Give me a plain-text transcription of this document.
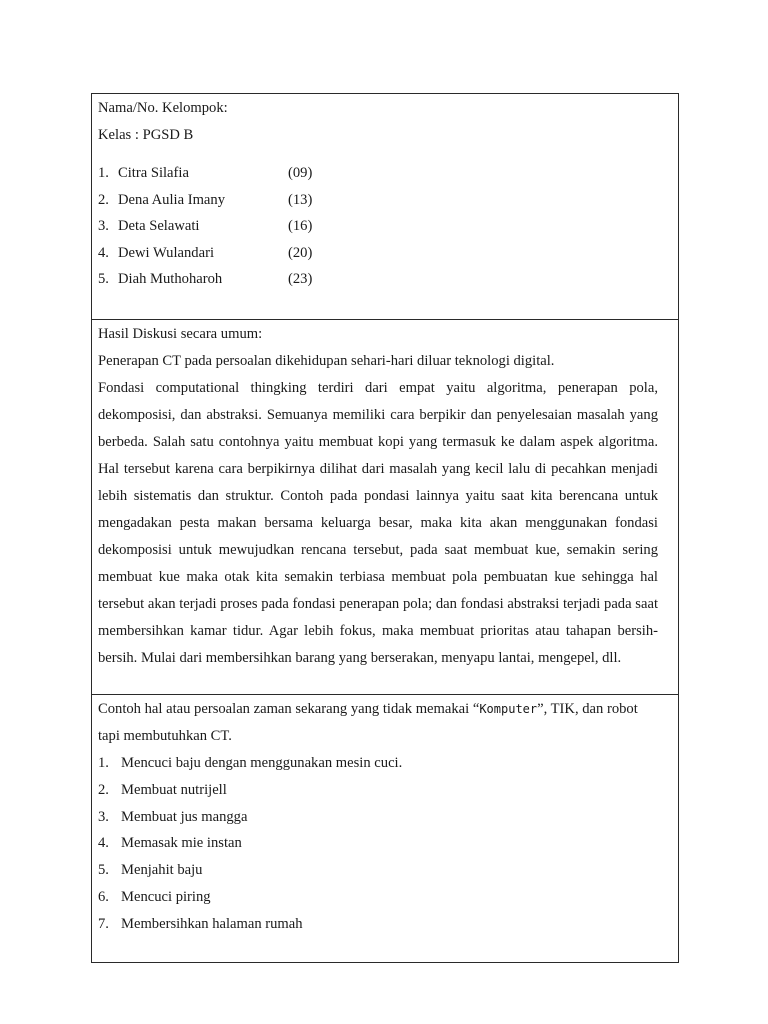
Nama/No. Kelompok:
Kelas : PGSD B
1. Citra Silafia	(09)
2. Dena Aulia Imany	(13)
3. Deta Selawati	(16)
4. Dewi Wulandari	(20)
5. Diah Muthoharoh	(23)
Hasil Diskusi secara umum:
Penerapan CT pada persoalan dikehidupan sehari-hari diluar teknologi digital.

Fondasi computational thingking terdiri dari empat yaitu algoritma, penerapan pola, dekomposisi, dan abstraksi. Semuanya memiliki cara berpikir dan penyelesaian masalah yang berbeda. Salah satu contohnya yaitu membuat kopi yang termasuk ke dalam aspek algoritma. Hal tersebut karena cara berpikirnya dilihat dari masalah yang kecil lalu di pecahkan menjadi lebih sistematis dan struktur. Contoh pada pondasi lainnya yaitu saat kita berencana untuk mengadakan pesta makan bersama keluarga besar, maka kita akan menggunakan fondasi dekomposisi untuk mewujudkan rencana tersebut, pada saat membuat kue, semakin sering membuat kue maka otak kita semakin terbiasa membuat pola pembuatan kue sehingga hal tersebut akan terjadi proses pada fondasi penerapan pola; dan fondasi abstraksi terjadi pada saat membersihkan kamar tidur. Agar lebih fokus, maka membuat prioritas atau tahapan bersih-bersih. Mulai dari membersihkan barang yang berserakan, menyapu lantai, mengepel, dll.

Contoh hal atau persoalan zaman sekarang yang tidak memakai “Komputer”, TIK, dan robot
tapi membutuhkan CT.
1. Mencuci baju dengan menggunakan mesin cuci.
2. Membuat nutrijell
3. Membuat jus mangga
4. Memasak mie instan
5. Menjahit baju
6. Mencuci piring
7. Membersihkan halaman rumah
